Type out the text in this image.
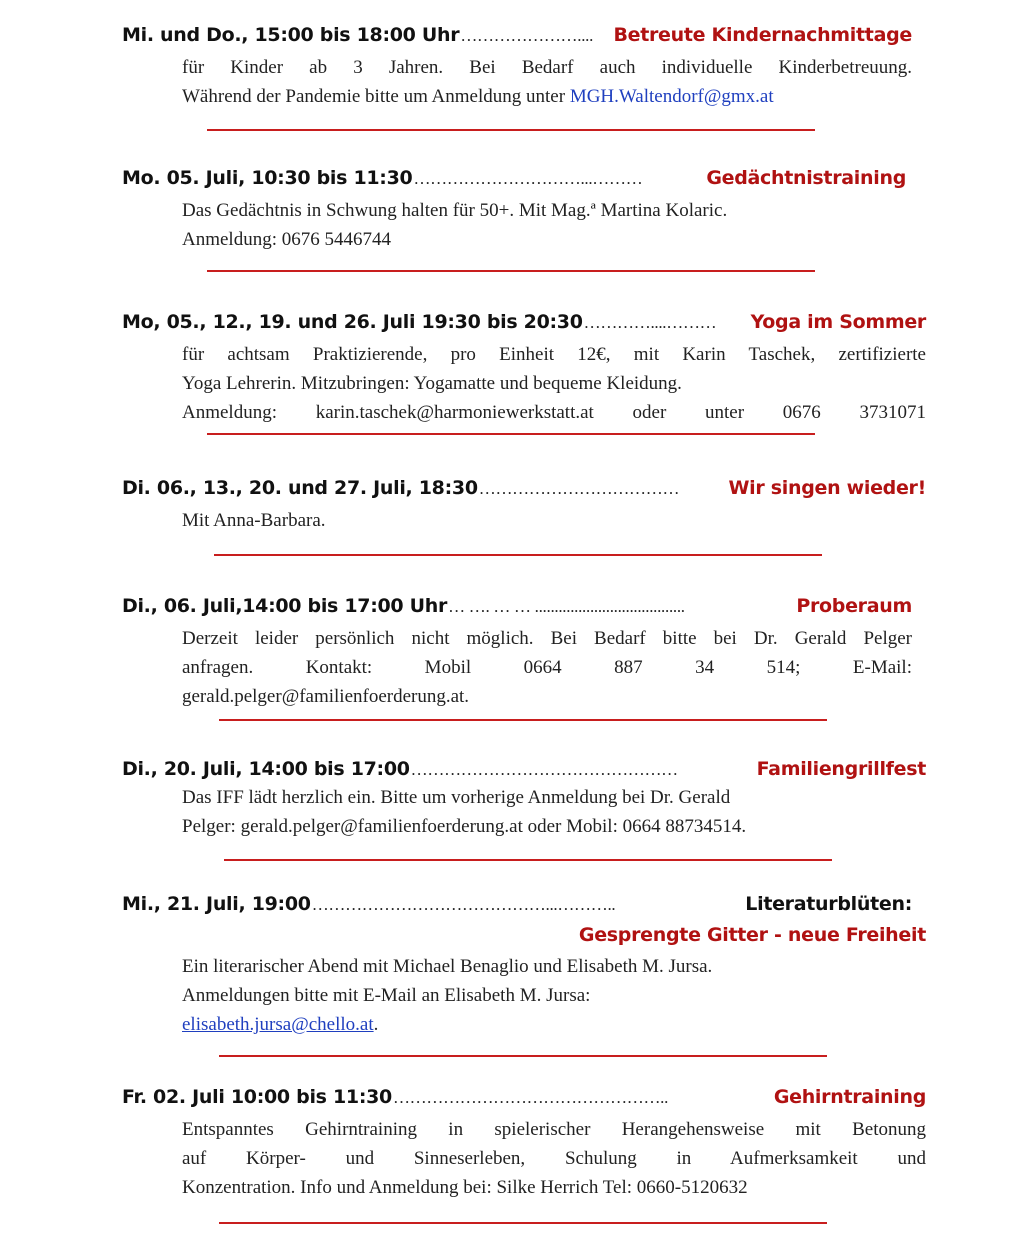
Mi. und Do., 15:00 bis 18:00 Uhr …………………....	Betreute Kindernachmittage
für Kinder ab 3 Jahren. Bei Bedarf auch individuelle Kinderbetreuung.
Während der Pandemie bitte um Anmeldung unter MGH.Waltendorf@gmx.at
Mo. 05. Juli, 10:30 bis 11:30 …………………………...………	Gedächtnistraining
Das Gedächtnis in Schwung halten für 50+. Mit Mag.ª Martina Kolaric.
Anmeldung: 0676 5446744
Mo, 05., 12., 19. und 26. Juli 19:30 bis 20:30 …………....………	Yoga im Sommer
für achtsam Praktizierende, pro Einheit 12€, mit Karin Taschek, zertifizierte
Yoga Lehrerin. Mitzubringen: Yogamatte und bequeme Kleidung.
Anmeldung: karin.taschek@harmoniewerkstatt.at oder unter 0676 3731071
Di. 06., 13., 20. und 27. Juli, 18:30 ………………………………	Wir singen wieder!
Mit Anna-Barbara.
Di., 06. Juli,14:00 bis 17:00 Uhr … …. … … ......................................	Proberaum
Derzeit leider persönlich nicht möglich. Bei Bedarf bitte bei Dr. Gerald Pelger
anfragen. Kontakt: Mobil 0664 887 34 514; E-Mail:
gerald.pelger@familienfoerderung.at.
Di., 20. Juli, 14:00 bis 17:00 …………………………………………	Familiengrillfest
Das IFF lädt herzlich ein. Bitte um vorherige Anmeldung bei Dr. Gerald
Pelger: gerald.pelger@familienfoerderung.at oder Mobil: 0664 88734514.
Mi., 21. Juli, 19:00 ……………………………………...………..	Literaturblüten:
Gesprengte Gitter - neue Freiheit
Ein literarischer Abend mit Michael Benaglio und Elisabeth M. Jursa.
Anmeldungen bitte mit E-Mail an Elisabeth M. Jursa:
elisabeth.jursa@chello.at.
Fr. 02. Juli 10:00 bis 11:30 …………………………………………..	Gehirntraining
Entspanntes Gehirntraining in spielerischer Herangehensweise mit Betonung
auf Körper- und Sinneserleben, Schulung in Aufmerksamkeit und
Konzentration. Info und Anmeldung bei: Silke Herrich Tel: 0660-5120632
